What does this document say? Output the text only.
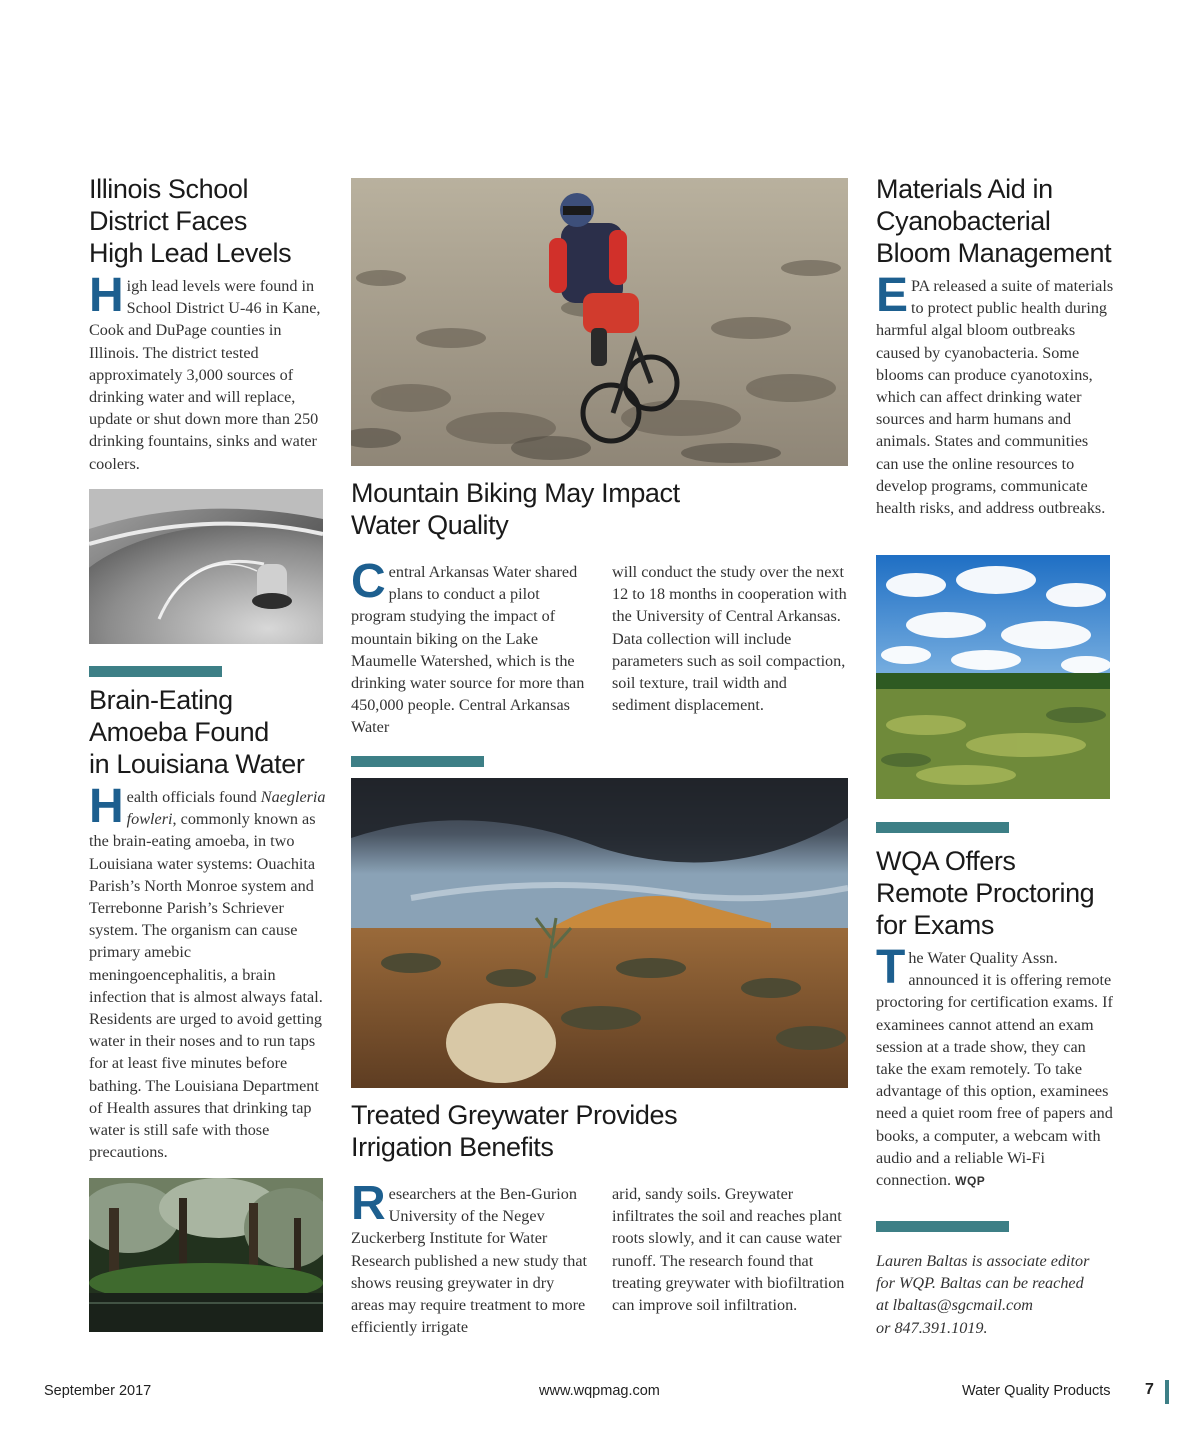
Illinois School
District Faces
High Lead Levels

High lead levels were found in School District U-46 in Kane, Cook and DuPage counties in Illinois. The district tested approximately 3,000 sources of drinking water and will replace, update or shut down more than 250 drinking fountains, sinks and water coolers.

Brain-Eating
Amoeba Found
in Louisiana Water

Health officials found Naegleria fowleri, commonly known as the brain-eating amoeba, in two Louisiana water systems: Ouachita Parish’s North Monroe system and Terrebonne Parish’s Schriever system. The organism can cause primary amebic meningoencephalitis, a brain infection that is almost always fatal. Residents are urged to avoid getting water in their noses and to run taps for at least five minutes before bathing. The Louisiana Department of Health assures that drinking tap water is still safe with those precautions.

Mountain Biking May Impact
Water Quality

Central Arkansas Water shared plans to conduct a pilot program studying the impact of mountain biking on the Lake Maumelle Watershed, which is the drinking water source for more than 450,000 people. Central Arkansas Water

will conduct the study over the next 12 to 18 months in cooperation with the University of Central Arkansas. Data collection will include parameters such as soil compaction, soil texture, trail width and sediment displacement.

Treated Greywater Provides
Irrigation Benefits

Researchers at the Ben-Gurion University of the Negev Zuckerberg Institute for Water Research published a new study that shows reusing greywater in dry areas may require treatment to more efficiently irrigate

arid, sandy soils. Greywater infiltrates the soil and reaches plant roots slowly, and it can cause water runoff. The research found that treating greywater with biofiltration can improve soil infiltration.

Materials Aid in
Cyanobacterial
Bloom Management

EPA released a suite of materials to protect public health during harmful algal bloom outbreaks caused by cyanobacteria. Some blooms can produce cyanotoxins, which can affect drinking water sources and harm humans and animals. States and communities can use the online resources to develop programs, communicate health risks, and address outbreaks.

WQA Offers
Remote Proctoring
for Exams

The Water Quality Assn. announced it is offering remote proctoring for certification exams. If examinees cannot attend an exam session at a trade show, they can take the exam remotely. To take advantage of this option, examinees need a quiet room free of papers and books, a computer, a webcam with audio and a reliable Wi-Fi connection. WQP

Lauren Baltas is associate editor
for WQP. Baltas can be reached
at lbaltas@sgcmail.com
or 847.391.1019.
September 2017	www.wqpmag.com	Water Quality Products 7
